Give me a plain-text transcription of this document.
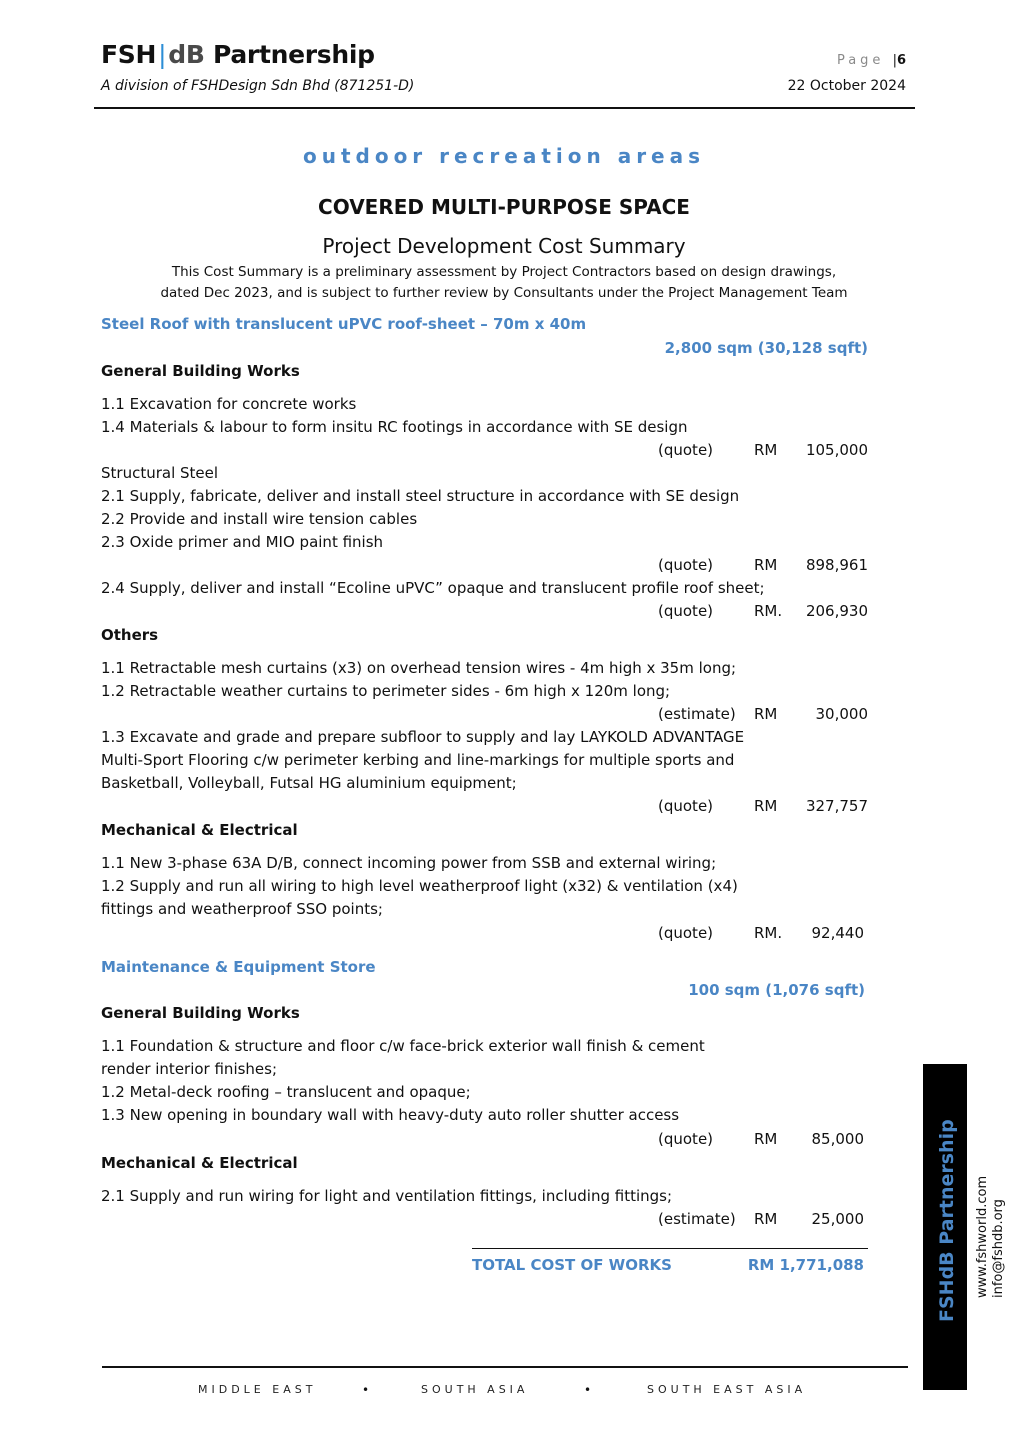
FSH|dB Partnership
A division of FSHDesign Sdn Bhd (871251-D)
Page |6
22 October 2024
outdoor recreation areas
COVERED MULTI-PURPOSE SPACE
Project Development Cost Summary
This Cost Summary is a preliminary assessment by Project Contractors based on design drawings,
dated Dec 2023, and is subject to further review by Consultants under the Project Management Team
Steel Roof with translucent uPVC roof-sheet – 70m x 40m
2,800 sqm (30,128 sqft)
General Building Works
1.1 Excavation for concrete works
1.4 Materials & labour to form insitu RC footings in accordance with SE design
(quote)	RM 105,000
Structural Steel
2.1 Supply, fabricate, deliver and install steel structure in accordance with SE design
2.2 Provide and install wire tension cables
2.3 Oxide primer and MIO paint finish
(quote)	RM 898,961
2.4 Supply, deliver and install “Ecoline uPVC” opaque and translucent profile roof sheet;
(quote)	RM. 206,930
Others
1.1 Retractable mesh curtains (x3) on overhead tension wires - 4m high x 35m long;
1.2 Retractable weather curtains to perimeter sides - 6m high x 120m long;
(estimate) RM	30,000
1.3 Excavate and grade and prepare subfloor to supply and lay LAYKOLD ADVANTAGE
Multi-Sport Flooring c/w perimeter kerbing and line-markings for multiple sports and
Basketball, Volleyball, Futsal HG aluminium equipment;
(quote)	RM 327,757
Mechanical & Electrical
1.1 New 3-phase 63A D/B, connect incoming power from SSB and external wiring;
1.2 Supply and run all wiring to high level weatherproof light (x32) & ventilation (x4)
fittings and weatherproof SSO points;
(quote)	RM. 92,440
Maintenance & Equipment Store
100 sqm (1,076 sqft)
General Building Works
1.1 Foundation & structure and floor c/w face-brick exterior wall finish & cement
render interior finishes;
1.2 Metal-deck roofing – translucent and opaque;
1.3 New opening in boundary wall with heavy-duty auto roller shutter access
(quote)	RM 85,000
Mechanical & Electrical
2.1 Supply and run wiring for light and ventilation fittings, including fittings;
(estimate) RM 25,000
TOTAL COST OF WORKS	RM 1,771,088
MIDDLE EAST	•	SOUTH ASIA	•	SOUTH EAST ASIA
FSHdB Partnership www.fshworld.com info@fshdb.org
